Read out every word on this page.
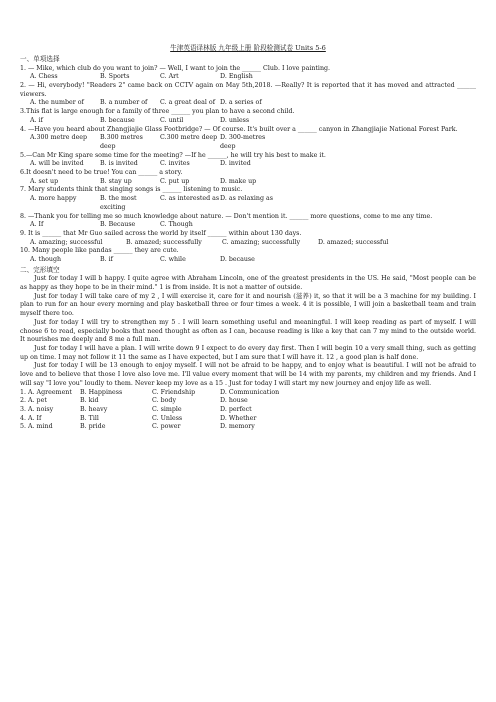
牛津英语译林版 九年级上册 阶段检测试卷 Units 5-6
一、单项选择

1. — Mike, which club do you want to join? — Well, I want to join the ______ Club. I love painting.

A. Chess	B. Sports	C. Art	D. English

2. — Hi, everybody! "Readers 2" came back on CCTV again on May 5th,2018. —Really? It is reported that it has moved and attracted ______ viewers.

A. the number of	B. a number of	C. a great deal of D. a series of

3.This flat is large enough for a family of three ______ you plan to have a second child.

A. if	B. because	C. until	D. unless

4. —Have you heard about Zhangjiajie Glass Footbridge? — Of course. It's built over a ______ canyon in Zhangjiajie National Forest Park.

A.300 metre deep	B.300 metres deep
C.300 metre deep D. 300-metres deep

5.—Can Mr King spare some time for the meeting? —If he ______, he will try his best to make it.

A. will be invited	B. is invited	C. invites	D. invited

6.It doesn't need to be true! You can ______ a story.

A. set up	B. stay up	C. put up	D. make up

7. Mary students think that singing songs is ______ listening to music.

A. more happy	B. the most exciting
C. as interested as D. as relaxing as

8. —Thank you for telling me so much knowledge about nature. — Don't mention it. ______ more questions, come to me any time.

A. If	B. Because	C. Though

9. It is ______ that Mr Guo sailed across the world by itself ______ within about 130 days.

A. amazing; successful	B. amazed; successfully	C. amazing; successfully	D. amazed; successful

10. Many people like pandas ______ they are cute.

A. though	B. if	C. while	D. because
二、完形填空

Just for today I will b happy. I quite agree with Abraham Lincoln, one of the greatest presidents in the US. He said, "Most people can be as happy as they hope to be in their mind." 1 is from inside. It is not a matter of outside.

Just for today I will take care of my 2 , I will exercise it, care for it and nourish (滋养) it, so that it will be a 3 machine for my building. I plan to run for an hour every morning and play basketball three or four times a week. 4 it is possible, I will join a basketball team and train myself there too.

Just for today I will try to strengthen my 5 . I will learn something useful and meaningful. I will keep reading as part of myself. I will choose 6 to read, especially books that need thought as often as I can, because reading is like a key that can 7 my mind to the outside world. It nourishes me deeply and 8 me a full man.

Just for today I will have a plan. I will write down 9 I expect to do every day first. Then I will begin 10 a very small thing, such as getting up on time. I may not follow it 11 the same as I have expected, but I am sure that I will have it. 12 , a good plan is half done.

Just for today I will be 13 enough to enjoy myself. I will not be afraid to be happy, and to enjoy what is beautiful. I will not be afraid to love and to believe that those I love also love me. I'll value every moment that will be 14 with my parents, my children and my friends. And I will say "I love you" loudly to them. Never keep my love as a 15 . Just for today I will start my new journey and enjoy life as well.

1. A. Agreement	B. Happiness	C. Friendship	D. Communication
2. A. pet	B. kid	C. body	D. house
3. A. noisy	B. heavy	C. simple	D. perfect
4. A. If	B. Till	C. Unless	D. Whether
5. A. mind	B. pride	C. power	D. memory
